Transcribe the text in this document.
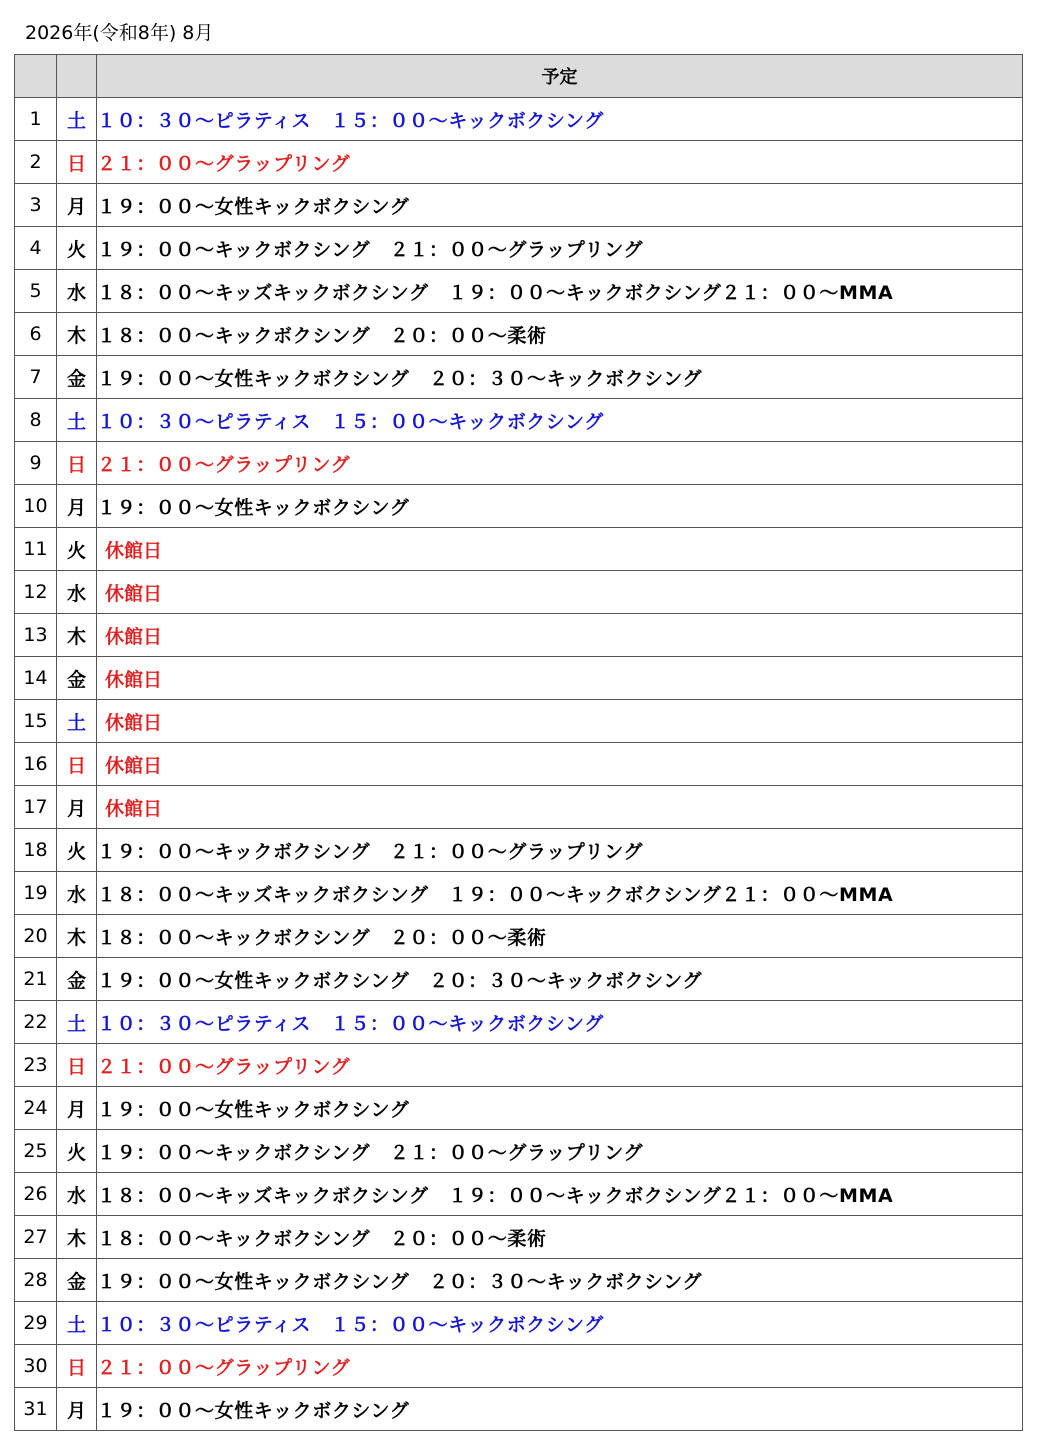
2026年(令和8年) 8月
		予定
1	土	１０：３０～ピラティス　１５：００～キックボクシング
2	日	２１：００～グラップリング
3	月	１９：００～女性キックボクシング
4	火	１９：００～キックボクシング　２１：００～グラップリング
5	水	１８：００～キッズキックボクシング　１９：００～キックボクシング２１：００～MMA
6	木	１８：００～キックボクシング　２０：００～柔術
7	金	１９：００～女性キックボクシング　２０：３０～キックボクシング
8	土	１０：３０～ピラティス　１５：００～キックボクシング
9	日	２１：００～グラップリング
10	月	１９：００～女性キックボクシング
11	火	休館日
12	水	休館日
13	木	休館日
14	金	休館日
15	土	休館日
16	日	休館日
17	月	休館日
18	火	１９：００～キックボクシング　２１：００～グラップリング
19	水	１８：００～キッズキックボクシング　１９：００～キックボクシング２１：００～MMA
20	木	１８：００～キックボクシング　２０：００～柔術
21	金	１９：００～女性キックボクシング　２０：３０～キックボクシング
22	土	１０：３０～ピラティス　１５：００～キックボクシング
23	日	２１：００～グラップリング
24	月	１９：００～女性キックボクシング
25	火	１９：００～キックボクシング　２１：００～グラップリング
26	水	１８：００～キッズキックボクシング　１９：００～キックボクシング２１：００～MMA
27	木	１８：００～キックボクシング　２０：００～柔術
28	金	１９：００～女性キックボクシング　２０：３０～キックボクシング
29	土	１０：３０～ピラティス　１５：００～キックボクシング
30	日	２１：００～グラップリング
31	月	１９：００～女性キックボクシング
